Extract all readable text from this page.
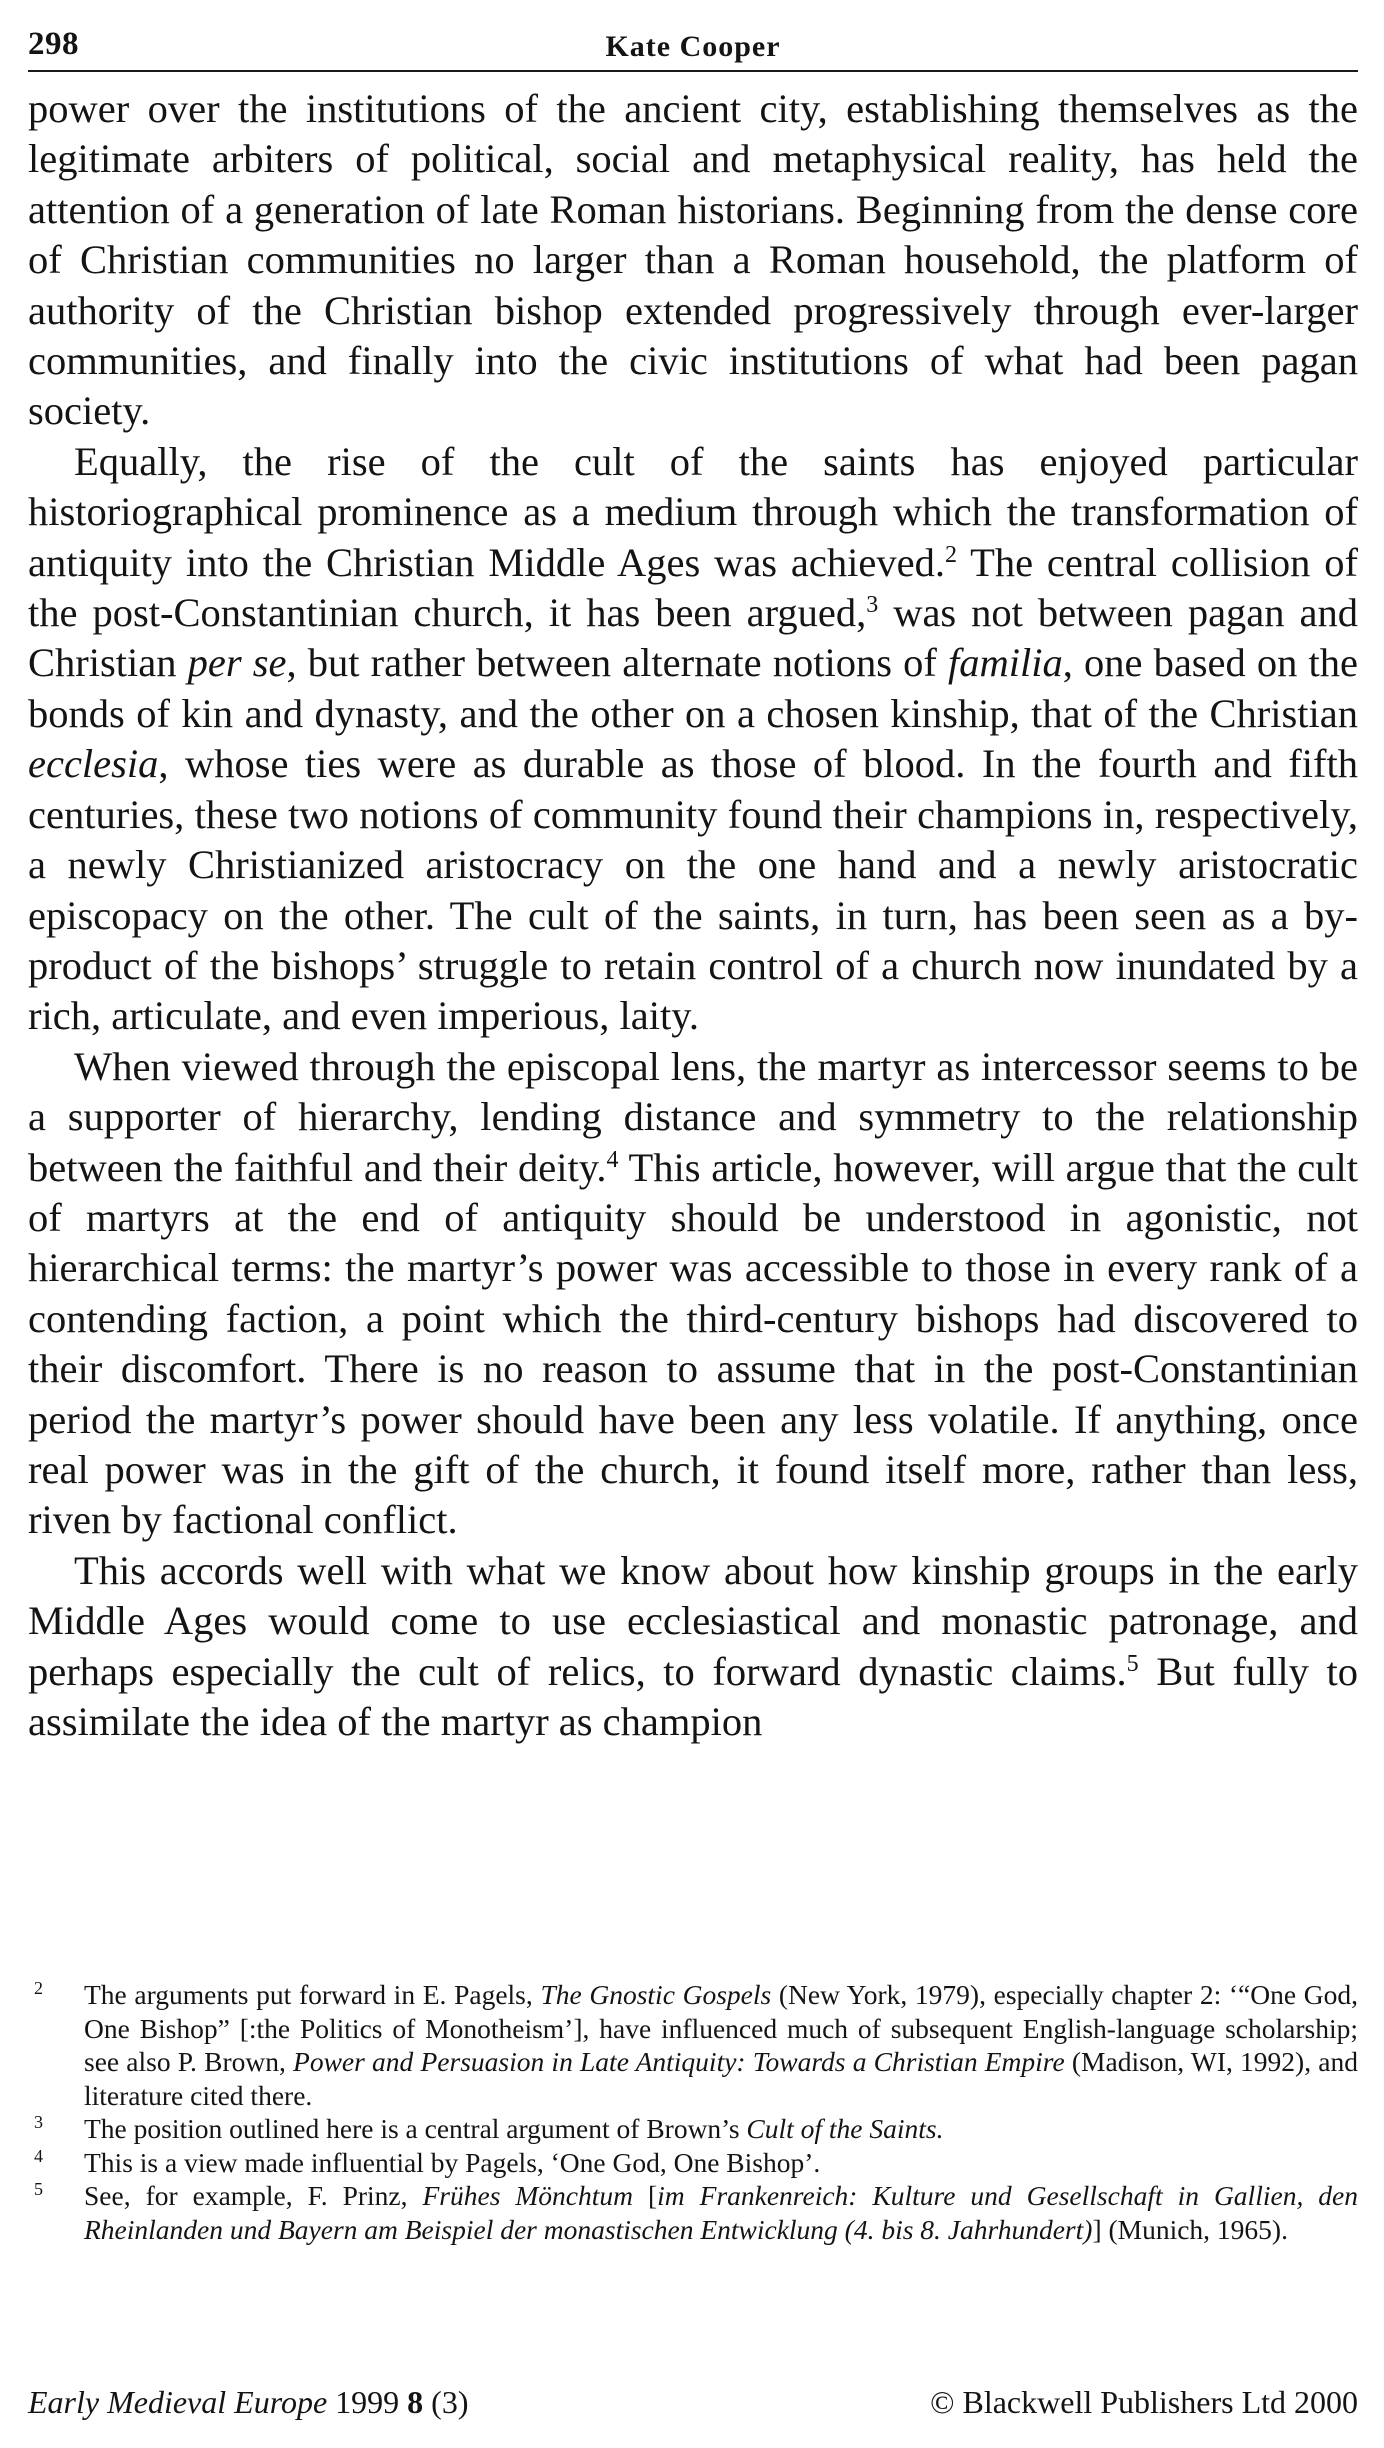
298	Kate Cooper

power over the institutions of the ancient city, establishing themselves as the legitimate arbiters of political, social and metaphysical reality, has held the attention of a generation of late Roman historians. Beginning from the dense core of Christian communities no larger than a Roman household, the platform of authority of the Christian bishop extended progressively through ever-larger communities, and finally into the civic institutions of what had been pagan society.

Equally, the rise of the cult of the saints has enjoyed particular historiographical prominence as a medium through which the transformation of antiquity into the Christian Middle Ages was achieved.$^2$ The central collision of the post-Constantinian church, it has been argued,$^3$ was not between pagan and Christian per se, but rather between alternate notions of familia, one based on the bonds of kin and dynasty, and the other on a chosen kinship, that of the Christian ecclesia, whose ties were as durable as those of blood. In the fourth and fifth centuries, these two notions of community found their champions in, respectively, a newly Christianized aristocracy on the one hand and a newly aristocratic episcopacy on the other. The cult of the saints, in turn, has been seen as a by-product of the bishops’ struggle to retain control of a church now inundated by a rich, articulate, and even imperious, laity.

When viewed through the episcopal lens, the martyr as intercessor seems to be a supporter of hierarchy, lending distance and symmetry to the relationship between the faithful and their deity.$^4$ This article, however, will argue that the cult of martyrs at the end of antiquity should be understood in agonistic, not hierarchical terms: the martyr’s power was accessible to those in every rank of a contending faction, a point which the third-century bishops had discovered to their discomfort. There is no reason to assume that in the post-Constantinian period the martyr’s power should have been any less volatile. If anything, once real power was in the gift of the church, it found itself more, rather than less, riven by factional conflict.

This accords well with what we know about how kinship groups in the early Middle Ages would come to use ecclesiastical and monastic patronage, and perhaps especially the cult of relics, to forward dynastic claims.$^5$ But fully to assimilate the idea of the martyr as champion

2 The arguments put forward in E. Pagels, The Gnostic Gospels (New York, 1979), especially chapter 2: ‘“One God, One Bishop” [:the Politics of Monotheism’], have influenced much of subsequent English-language scholarship; see also P. Brown, Power and Persuasion in Late Antiquity: Towards a Christian Empire (Madison, WI, 1992), and literature cited there.

3 The position outlined here is a central argument of Brown’s Cult of the Saints.

4 This is a view made influential by Pagels, ‘One God, One Bishop’.

5 See, for example, F. Prinz, Frühes Mönchtum [im Frankenreich: Kulture und Gesellschaft in Gallien, den Rheinlanden und Bayern am Beispiel der monastischen Entwicklung (4. bis 8. Jahrhundert)] (Munich, 1965).

Early Medieval Europe 1999 8 (3)	© Blackwell Publishers Ltd 2000
